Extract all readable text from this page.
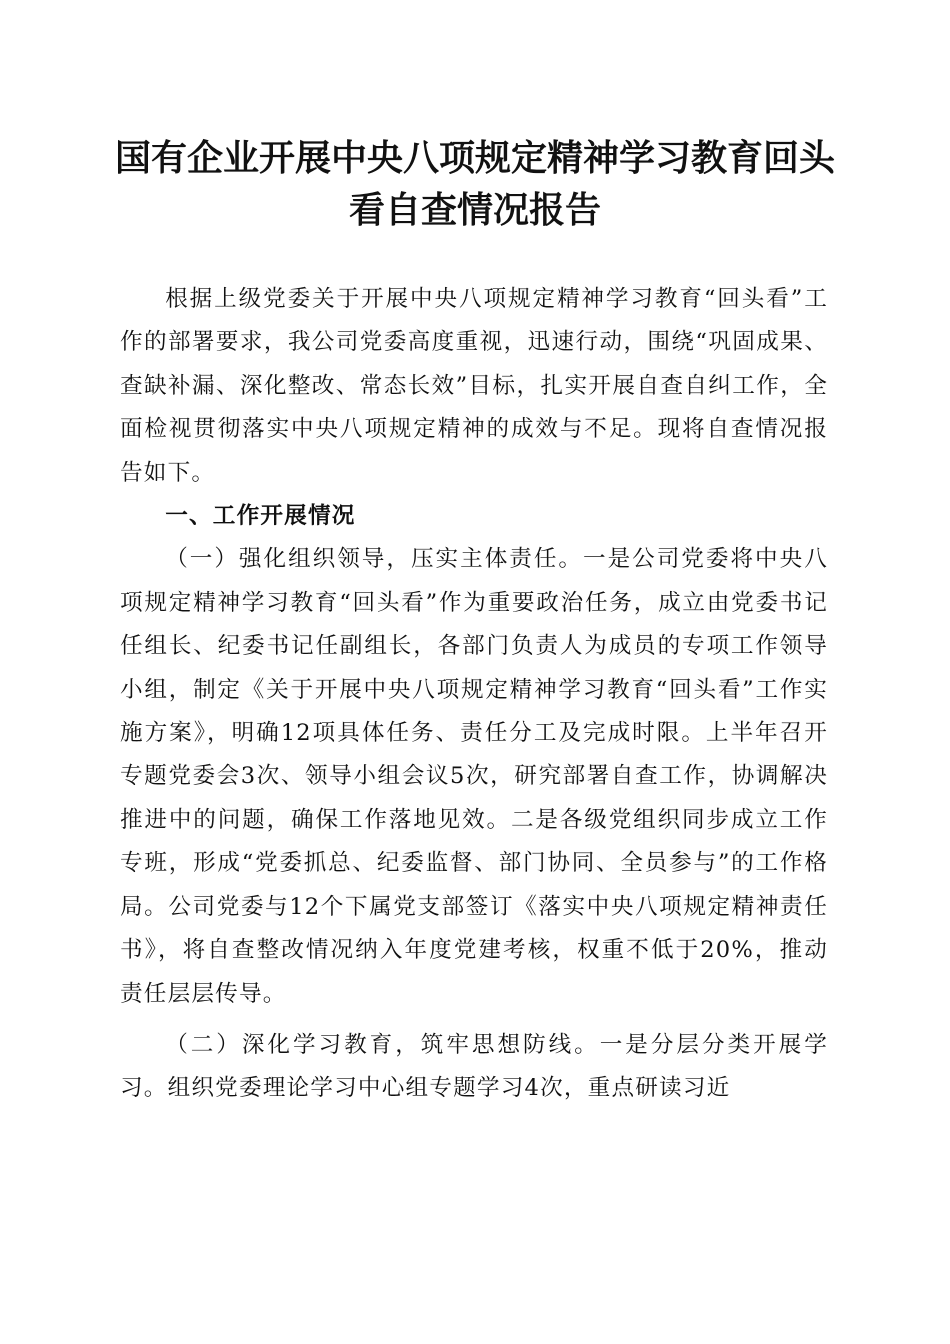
国有企业开展中央八项规定精神学习教育回头
看自查情况报告

根据上级党委关于开展中央八项规定精神学习教育“回头看”工作的部署要求，我公司党委高度重视，迅速行动，围绕“巩固成果、查缺补漏、深化整改、常态长效”目标，扎实开展自查自纠工作，全面检视贯彻落实中央八项规定精神的成效与不足。现将自查情况报告如下。

一、工作开展情况

（一）强化组织领导，压实主体责任。一是公司党委将中央八项规定精神学习教育“回头看”作为重要政治任务，成立由党委书记任组长、纪委书记任副组长，各部门负责人为成员的专项工作领导小组，制定《关于开展中央八项规定精神学习教育“回头看”工作实施方案》，明确12项具体任务、责任分工及完成时限。上半年召开专题党委会3次、领导小组会议5次，研究部署自查工作，协调解决推进中的问题，确保工作落地见效。二是各级党组织同步成立工作专班，形成“党委抓总、纪委监督、部门协同、全员参与”的工作格局。公司党委与12个下属党支部签订《落实中央八项规定精神责任书》，将自查整改情况纳入年度党建考核，权重不低于20%，推动责任层层传导。

（二）深化学习教育，筑牢思想防线。一是分层分类开展学习。组织党委理论学习中心组专题学习4次，重点研读习近
